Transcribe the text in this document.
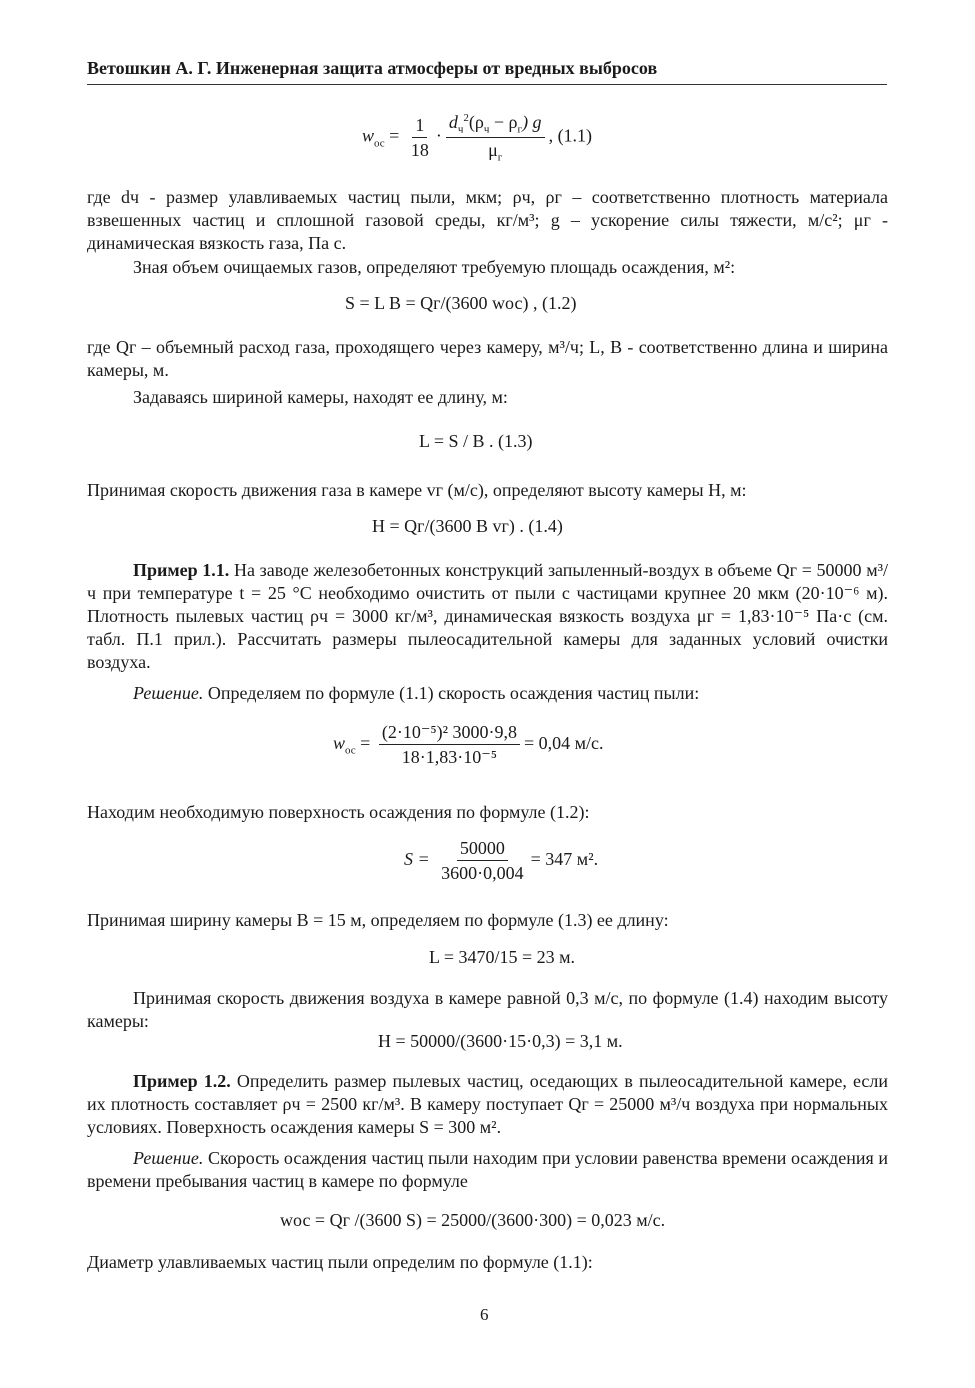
Ветошкин А. Г. Инженерная защита атмосферы от вредных выбросов
$w_{ос} = \frac{1}{18} \cdot \frac{d_ч^2(\rho_ч - \rho_г) g}{\mu_г}$ , (1.1)
где dч - размер улавливаемых частиц пыли, мкм; ρч, ρг – соответственно плотность материала взвешенных частиц и сплошной газовой среды, кг/м³; g – ускорение силы тяжести, м/с²; μг - динамическая вязкость газа, Па с.
Зная объем очищаемых газов, определяют требуемую площадь осаждения, м²:
S = L B = Qг/(3600 wос) , (1.2)
где Qг – объемный расход газа, проходящего через камеру, м³/ч; L, B - соответственно длина и ширина камеры, м.
Задаваясь шириной камеры, находят ее длину, м:
L = S / B . (1.3)
Принимая скорость движения газа в камере vг (м/с), определяют высоту камеры H, м:
H = Qг/(3600 B vг) . (1.4)
Пример 1.1. На заводе железобетонных конструкций запыленный-воздух в объеме Qг = 50000 м³/ч при температуре t = 25 °С необходимо очистить от пыли с частицами крупнее 20 мкм (20·10⁻⁶ м). Плотность пылевых частиц ρч = 3000 кг/м³, динамическая вязкость воздуха μг = 1,83·10⁻⁵ Па·с (см. табл. П.1 прил.). Рассчитать размеры пылеосадительной камеры для заданных условий очистки воздуха.
Решение. Определяем по формуле (1.1) скорость осаждения частиц пыли:
$w_{ос} = \frac{\text{(2·10⁻⁵)² 3000·9,8}}{\text{18·1,83·10⁻⁵}} = 0,04$ м/с.
Находим необходимую поверхность осаждения по формуле (1.2):
$S = \frac{50000}{3600\cdot 0,004} = 347$ м².
Принимая ширину камеры B = 15 м, определяем по формуле (1.3) ее длину:
L = 3470/15 = 23 м.
Принимая скорость движения воздуха в камере равной 0,3 м/с, по формуле (1.4) находим высоту камеры:
H = 50000/(3600·15·0,3) = 3,1 м.
Пример 1.2. Определить размер пылевых частиц, оседающих в пылеосадительной камере, если их плотность составляет ρч = 2500 кг/м³. В камеру поступает Qг = 25000 м³/ч воздуха при нормальных условиях. Поверхность осаждения камеры S = 300 м².
Решение. Скорость осаждения частиц пыли находим при условии равенства времени осаждения и времени пребывания частиц в камере по формуле
wос = Qг /(3600 S) = 25000/(3600·300) = 0,023 м/с.
Диаметр улавливаемых частиц пыли определим по формуле (1.1):
6
